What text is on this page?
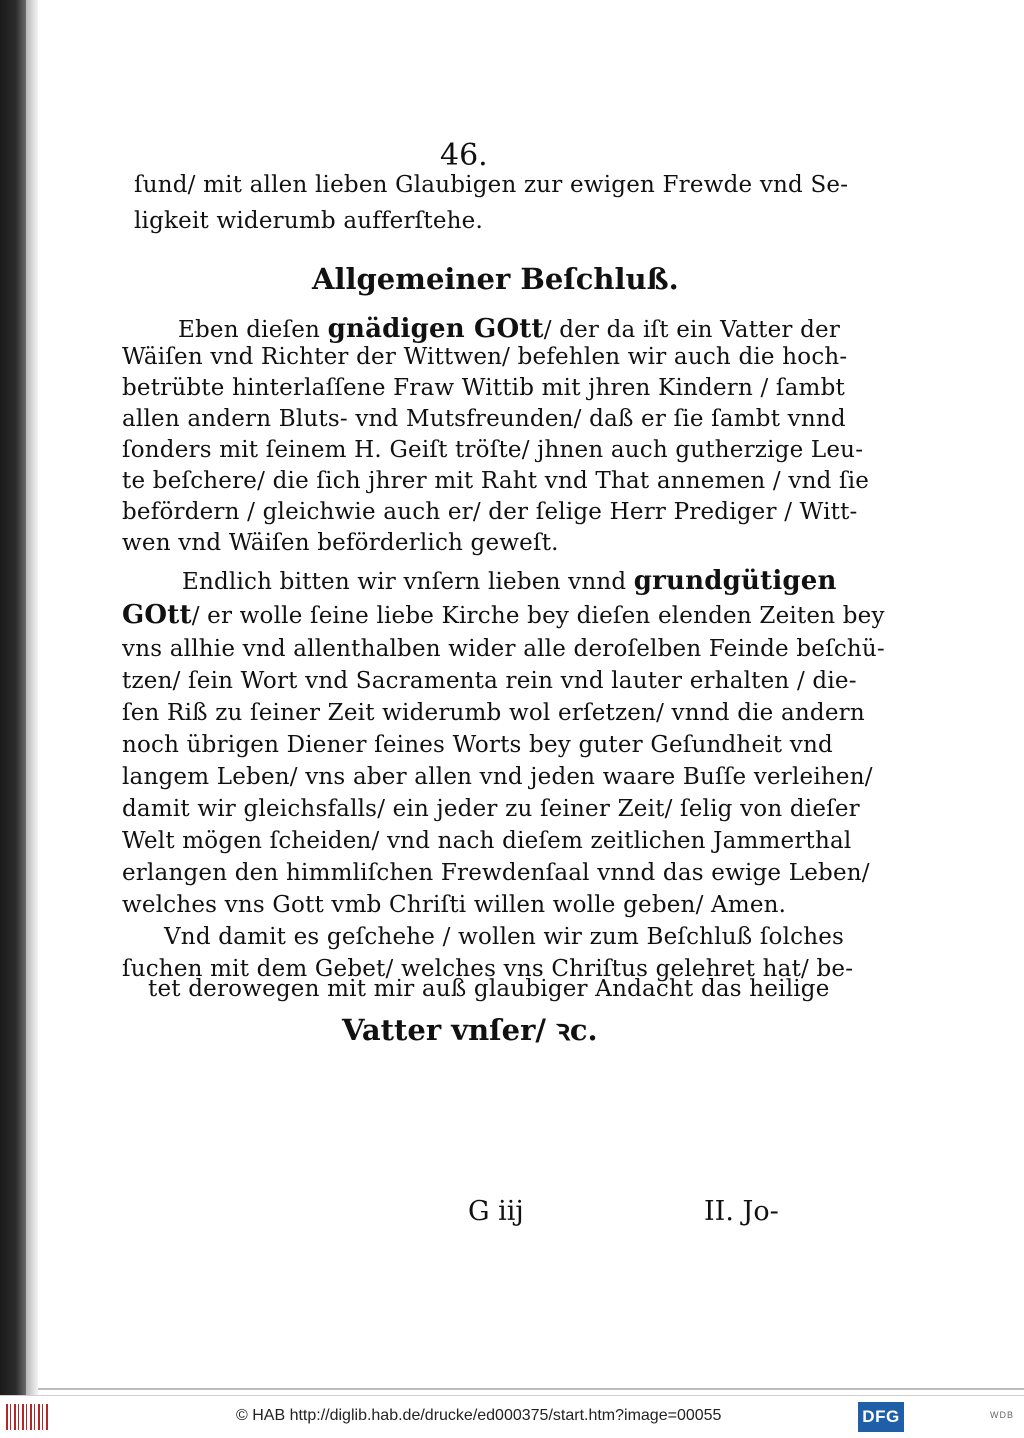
46.
ſund/ mit allen lieben Glaubigen zur ewigen Frewde vnd Se-
ligkeit widerumb aufferſtehe.
Allgemeiner Beſchluß.
Eben dieſen gnädigen GOtt/ der da iſt ein Vatter der
Wäiſen vnd Richter der Wittwen/ befehlen wir auch die hoch-
betrübte hinterlaſſene Fraw Wittib mit jhren Kindern / ſambt
allen andern Bluts- vnd Mutsfreunden/ daß er ſie ſambt vnnd
ſonders mit ſeinem H. Geiſt tröſte/ jhnen auch gutherzige Leu-
te beſchere/ die ſich jhrer mit Raht vnd That annemen / vnd ſie
befördern / gleichwie auch er/ der ſelige Herr Prediger / Witt-
wen vnd Wäiſen beförderlich geweſt.
Endlich bitten wir vnſern lieben vnnd grundgütigen
GOtt/ er wolle ſeine liebe Kirche bey dieſen elenden Zeiten bey
vns allhie vnd allenthalben wider alle deroſelben Feinde beſchü-
tzen/ ſein Wort vnd Sacramenta rein vnd lauter erhalten / die-
ſen Riß zu ſeiner Zeit widerumb wol erſetzen/ vnnd die andern
noch übrigen Diener ſeines Worts bey guter Geſundheit vnd
langem Leben/ vns aber allen vnd jeden waare Buſſe verleihen/
damit wir gleichsfalls/ ein jeder zu ſeiner Zeit/ ſelig von dieſer
Welt mögen ſcheiden/ vnd nach dieſem zeitlichen Jammerthal
erlangen den himmliſchen Frewdenſaal vnnd das ewige Leben/
welches vns Gott vmb Chriſti willen wolle geben/ Amen.
Vnd damit es geſchehe / wollen wir zum Beſchluß ſolches
ſuchen mit dem Gebet/ welches vns Chriſtus gelehret hat/ be-
tet derowegen mit mir auß glaubiger Andacht das heilige
Vatter vnſer/ ꝛc.
G iij	II. Jo-
© HAB http://diglib.hab.de/drucke/ed000375/start.htm?image=00055	DFG	WDB
